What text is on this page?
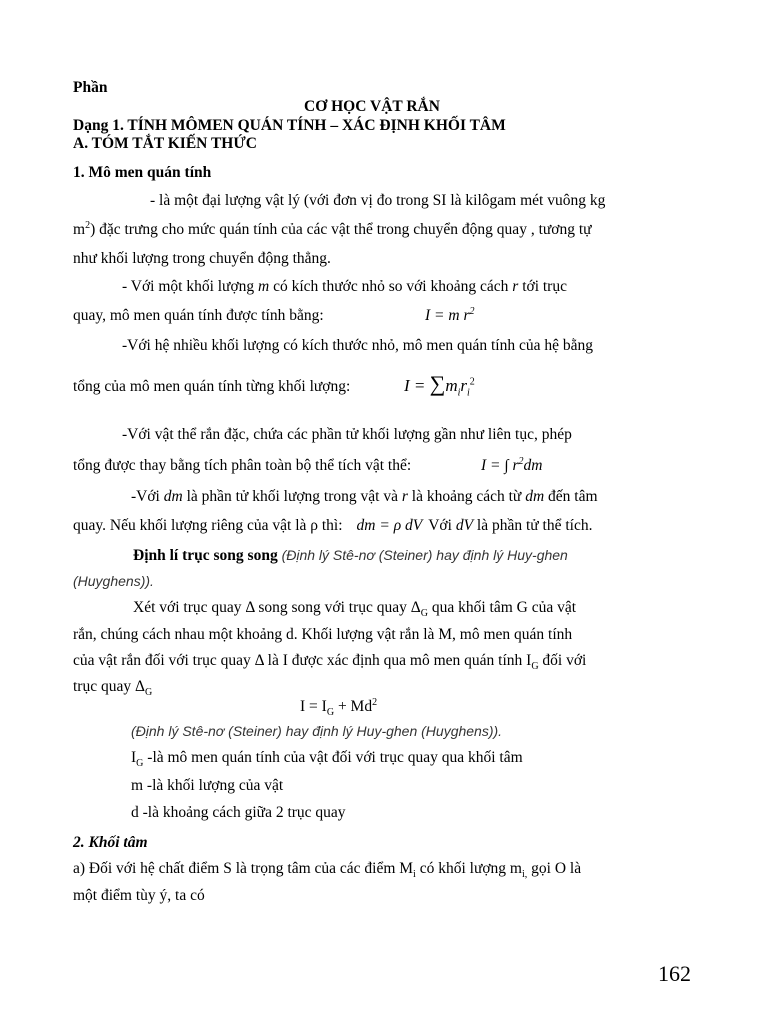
Phần
CƠ HỌC VẬT RẮN
Dạng 1. TÍNH MÔMEN QUÁN TÍNH – XÁC ĐỊNH KHỐI TÂM
A. TÓM TẮT KIẾN THỨC
1. Mô men quán tính
- là một đại lượng vật lý (với đơn vị đo trong SI là kilôgam mét vuông kg
$m^2$) đặc trưng cho mức quán tính của các vật thể trong chuyển động quay , tương tự
như khối lượng trong chuyển động thẳng.
- Với một khối lượng m có kích thước nhỏ so với khoảng cách r tới trục
quay, mô men quán tính được tính bằng:	I = m $r^2$
-Với hệ nhiều khối lượng có kích thước nhỏ, mô men quán tính của hệ bằng
tổng của mô men quán tính từng khối lượng:	$I = \sum m_ir_i^2$
-Với vật thể rắn đặc, chứa các phần tử khối lượng gần như liên tục, phép
tổng được thay bằng tích phân toàn bộ thể tích vật thể:	I = ∫ $r^2dm$
-Với dm là phần tử khối lượng trong vật và r là khoảng cách từ dm đến tâm
quay. Nếu khối lượng riêng của vật là ρ thì: dm = ρ dV Với dV là phần tử thể tích.
Định lí trục song song (Định lý Stê-nơ (Steiner) hay định lý Huy-ghen
(Huyghens)).
Xét với trục quay Δ song song với trục quay $\Delta_G$ qua khối tâm G của vật
rắn, chúng cách nhau một khoảng d. Khối lượng vật rắn là M, mô men quán tính
của vật rắn đối với trục quay Δ là I được xác định qua mô men quán tính $I_G$ đối với
trục quay $\Delta_G$
$I = I_G + Md^2$
(Định lý Stê-nơ (Steiner) hay định lý Huy-ghen (Huyghens)).
$I_G$ -là mô men quán tính của vật đối với trục quay qua khối tâm
m -là khối lượng của vật
d -là khoảng cách giữa 2 trục quay
2. Khối tâm
a) Đối với hệ chất điểm S là trọng tâm của các điểm $M_i$ có khối lượng $m_{i,}$ gọi O là
một điểm tùy ý, ta có
162
